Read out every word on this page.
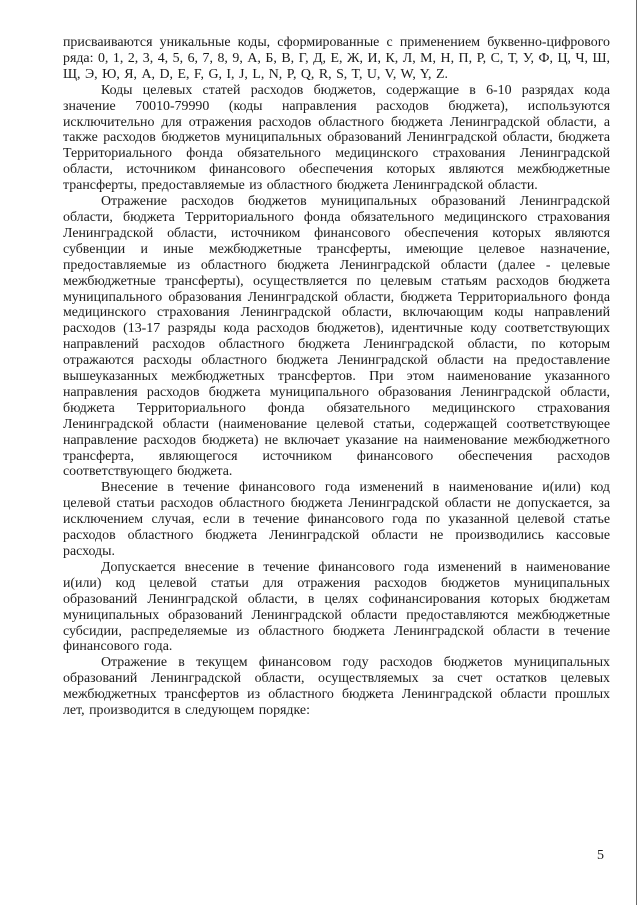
присваиваются уникальные коды, сформированные с применением буквенно-цифрового ряда: 0, 1, 2, 3, 4, 5, 6, 7, 8, 9, А, Б, В, Г, Д, Е, Ж, И, К, Л, М, Н, П, Р, С, Т, У, Ф, Ц, Ч, Ш, Щ, Э, Ю, Я, A, D, E, F, G, I, J, L, N, P, Q, R, S, T, U, V, W, Y, Z.

Коды целевых статей расходов бюджетов, содержащие в 6-10 разрядах кода значение 70010-79990 (коды направления расходов бюджета), используются исключительно для отражения расходов областного бюджета Ленинградской области, а также расходов бюджетов муниципальных образований Ленинградской области, бюджета Территориального фонда обязательного медицинского страхования Ленинградской области, источником финансового обеспечения которых являются межбюджетные трансферты, предоставляемые из областного бюджета Ленинградской области.

Отражение расходов бюджетов муниципальных образований Ленинградской области, бюджета Территориального фонда обязательного медицинского страхования Ленинградской области, источником финансового обеспечения которых являются субвенции и иные межбюджетные трансферты, имеющие целевое назначение, предоставляемые из областного бюджета Ленинградской области (далее - целевые межбюджетные трансферты), осуществляется по целевым статьям расходов бюджета муниципального образования Ленинградской области, бюджета Территориального фонда медицинского страхования Ленинградской области, включающим коды направлений расходов (13-17 разряды кода расходов бюджетов), идентичные коду соответствующих направлений расходов областного бюджета Ленинградской области, по которым отражаются расходы областного бюджета Ленинградской области на предоставление вышеуказанных межбюджетных трансфертов. При этом наименование указанного направления расходов бюджета муниципального образования Ленинградской области, бюджета Территориального фонда обязательного медицинского страхования Ленинградской области (наименование целевой статьи, содержащей соответствующее направление расходов бюджета) не включает указание на наименование межбюджетного трансферта, являющегося источником финансового обеспечения расходов соответствующего бюджета.

Внесение в течение финансового года изменений в наименование и(или) код целевой статьи расходов областного бюджета Ленинградской области не допускается, за исключением случая, если в течение финансового года по указанной целевой статье расходов областного бюджета Ленинградской области не производились кассовые расходы.

Допускается внесение в течение финансового года изменений в наименование и(или) код целевой статьи для отражения расходов бюджетов муниципальных образований Ленинградской области, в целях софинансирования которых бюджетам муниципальных образований Ленинградской области предоставляются межбюджетные субсидии, распределяемые из областного бюджета Ленинградской области в течение финансового года.

Отражение в текущем финансовом году расходов бюджетов муниципальных образований Ленинградской области, осуществляемых за счет остатков целевых межбюджетных трансфертов из областного бюджета Ленинградской области прошлых лет, производится в следующем порядке:

5
